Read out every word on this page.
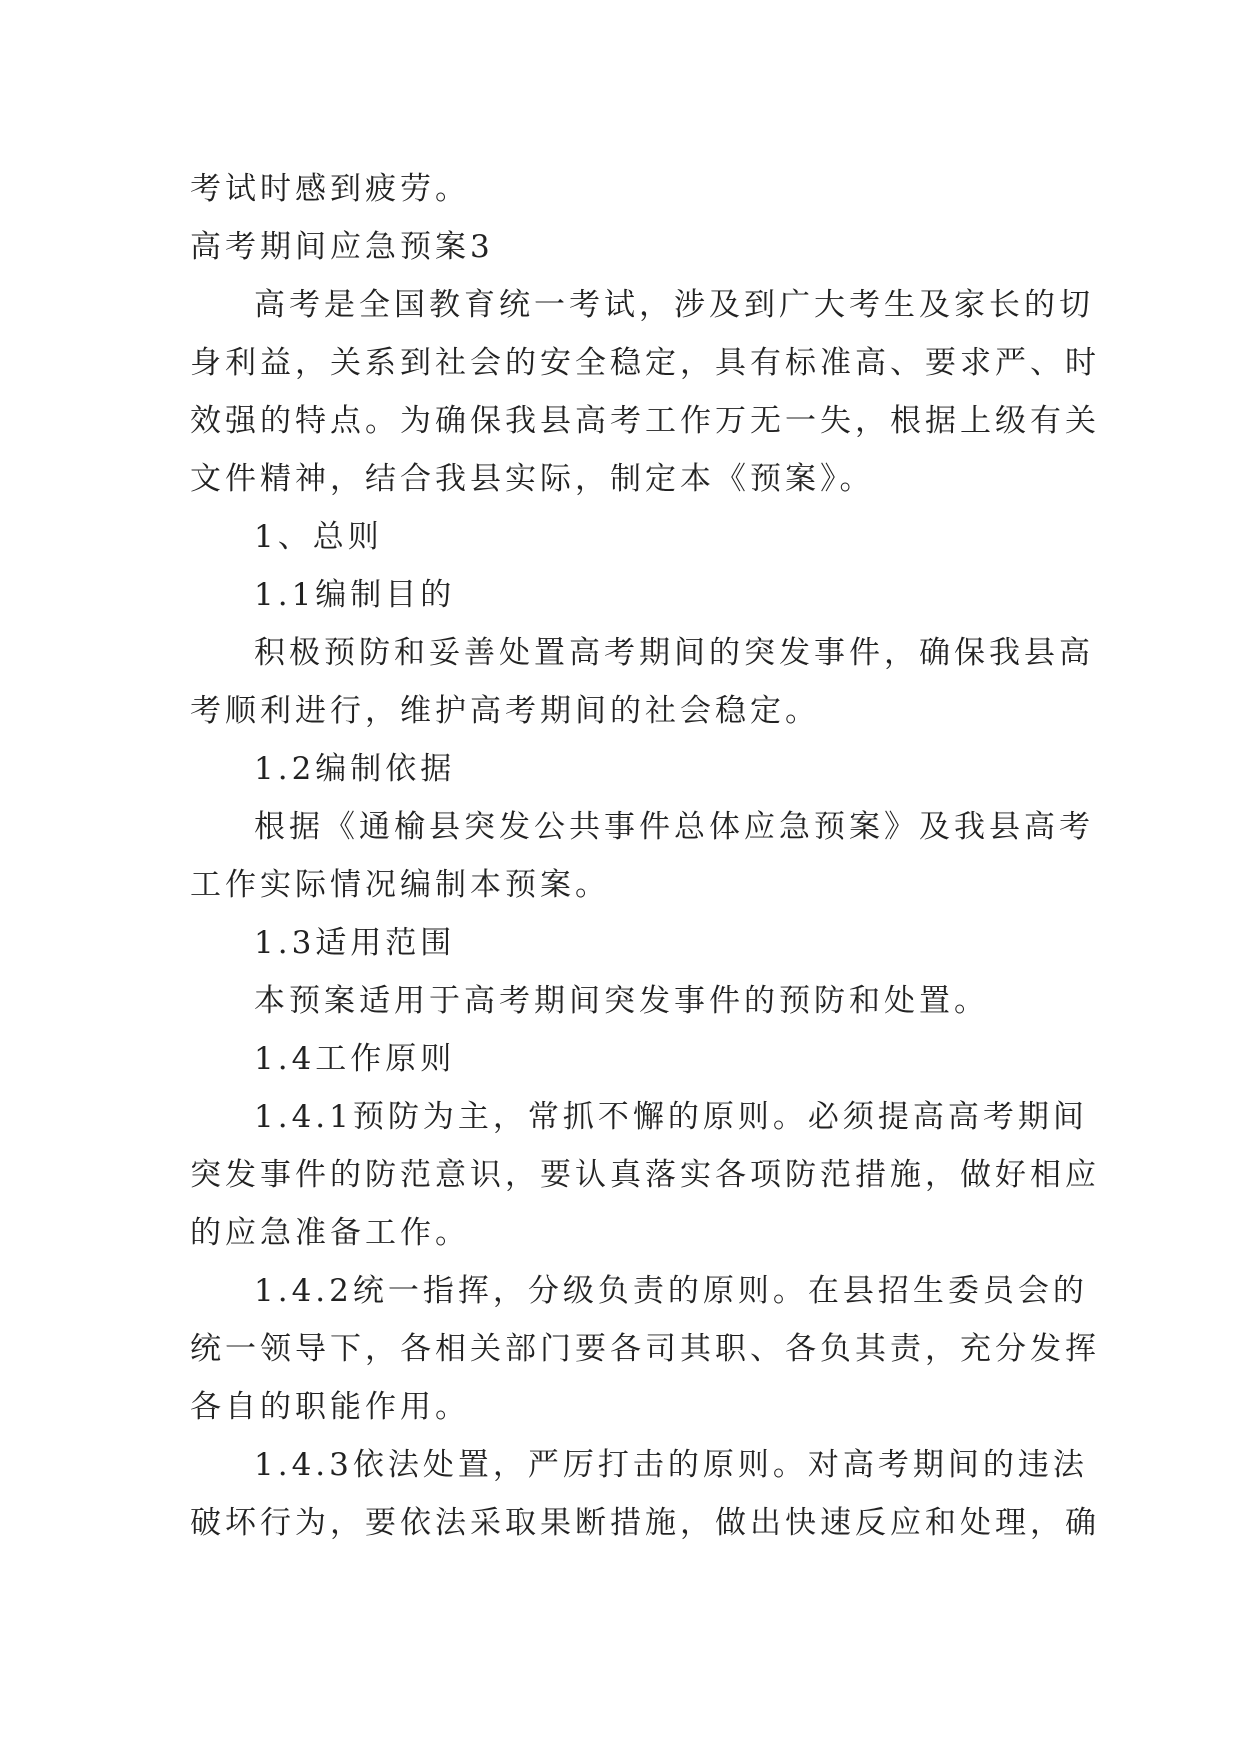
考试时感到疲劳。
高考期间应急预案3
高考是全国教育统一考试，涉及到广大考生及家长的切
身利益，关系到社会的安全稳定，具有标准高、要求严、时
效强的特点。为确保我县高考工作万无一失，根据上级有关
文件精神，结合我县实际，制定本《预案》。
1、总则
1.1编制目的
积极预防和妥善处置高考期间的突发事件，确保我县高
考顺利进行，维护高考期间的社会稳定。
1.2编制依据
根据《通榆县突发公共事件总体应急预案》及我县高考
工作实际情况编制本预案。
1.3适用范围
本预案适用于高考期间突发事件的预防和处置。
1.4工作原则
1.4.1预防为主，常抓不懈的原则。必须提高高考期间
突发事件的防范意识，要认真落实各项防范措施，做好相应
的应急准备工作。
1.4.2统一指挥，分级负责的原则。在县招生委员会的
统一领导下，各相关部门要各司其职、各负其责，充分发挥
各自的职能作用。
1.4.3依法处置，严厉打击的原则。对高考期间的违法
破坏行为，要依法采取果断措施，做出快速反应和处理，确
